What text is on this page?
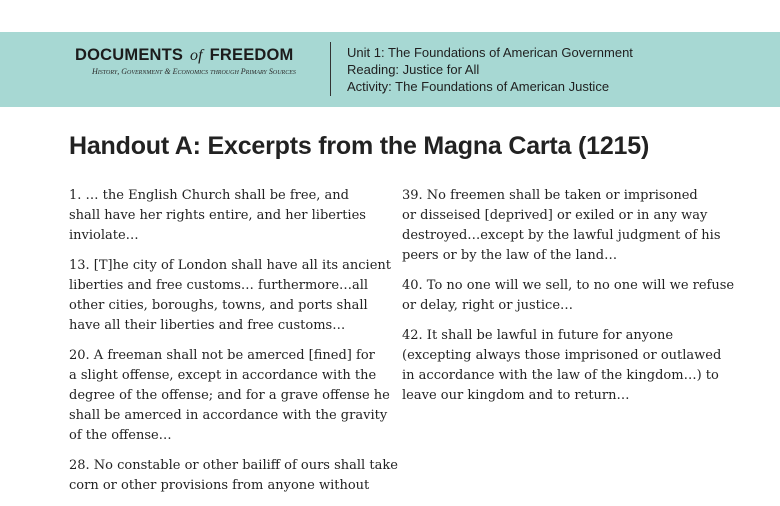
DOCUMENTS of FREEDOM
History, Government & Economics through Primary Sources
Unit 1: The Foundations of American Government
Reading: Justice for All
Activity: The Foundations of American Justice
Handout A: Excerpts from the Magna Carta (1215)

1. … the English Church shall be free, and
shall have her rights entire, and her liberties
inviolate…

13. [T]he city of London shall have all its ancient
liberties and free customs… furthermore…all
other cities, boroughs, towns, and ports shall
have all their liberties and free customs…

20. A freeman shall not be amerced [fined] for
a slight offense, except in accordance with the
degree of the offense; and for a grave offense he
shall be amerced in accordance with the gravity
of the offense…

28. No constable or other bailiff of ours shall take
corn or other provisions from anyone without

39. No freemen shall be taken or imprisoned
or disseised [deprived] or exiled or in any way
destroyed…except by the lawful judgment of his
peers or by the law of the land…

40. To no one will we sell, to no one will we refuse
or delay, right or justice…

42. It shall be lawful in future for anyone
(excepting always those imprisoned or outlawed
in accordance with the law of the kingdom…) to
leave our kingdom and to return…
